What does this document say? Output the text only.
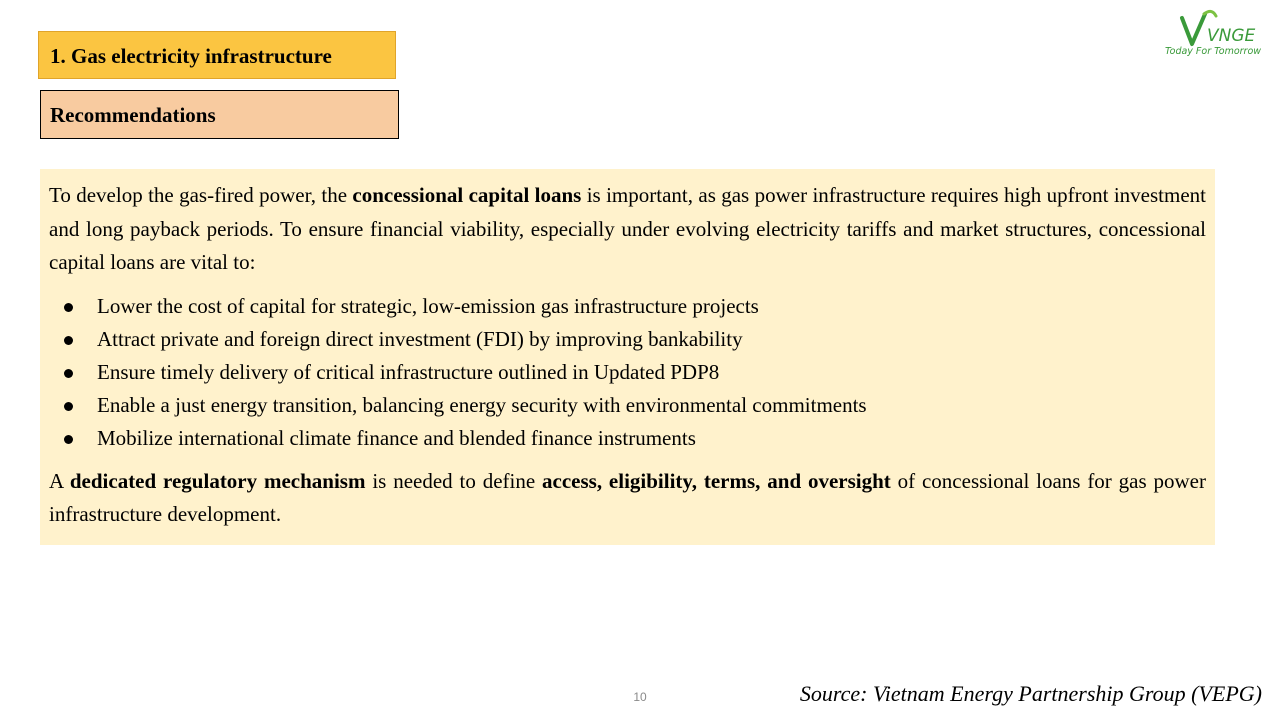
1. Gas electricity infrastructure
Recommendations
VNGE
Today For Tomorrow

To develop the gas-fired power, the concessional capital loans is important, as gas power infrastructure requires high upfront investment and long payback periods. To ensure financial viability, especially under evolving electricity tariffs and market structures, concessional capital loans are vital to:

Lower the cost of capital for strategic, low-emission gas infrastructure projects
Attract private and foreign direct investment (FDI) by improving bankability
Ensure timely delivery of critical infrastructure outlined in Updated PDP8
Enable a just energy transition, balancing energy security with environmental commitments
Mobilize international climate finance and blended finance instruments

A dedicated regulatory mechanism is needed to define access, eligibility, terms, and oversight of concessional loans for gas power infrastructure development.

10	Source: Vietnam Energy Partnership Group (VEPG)
